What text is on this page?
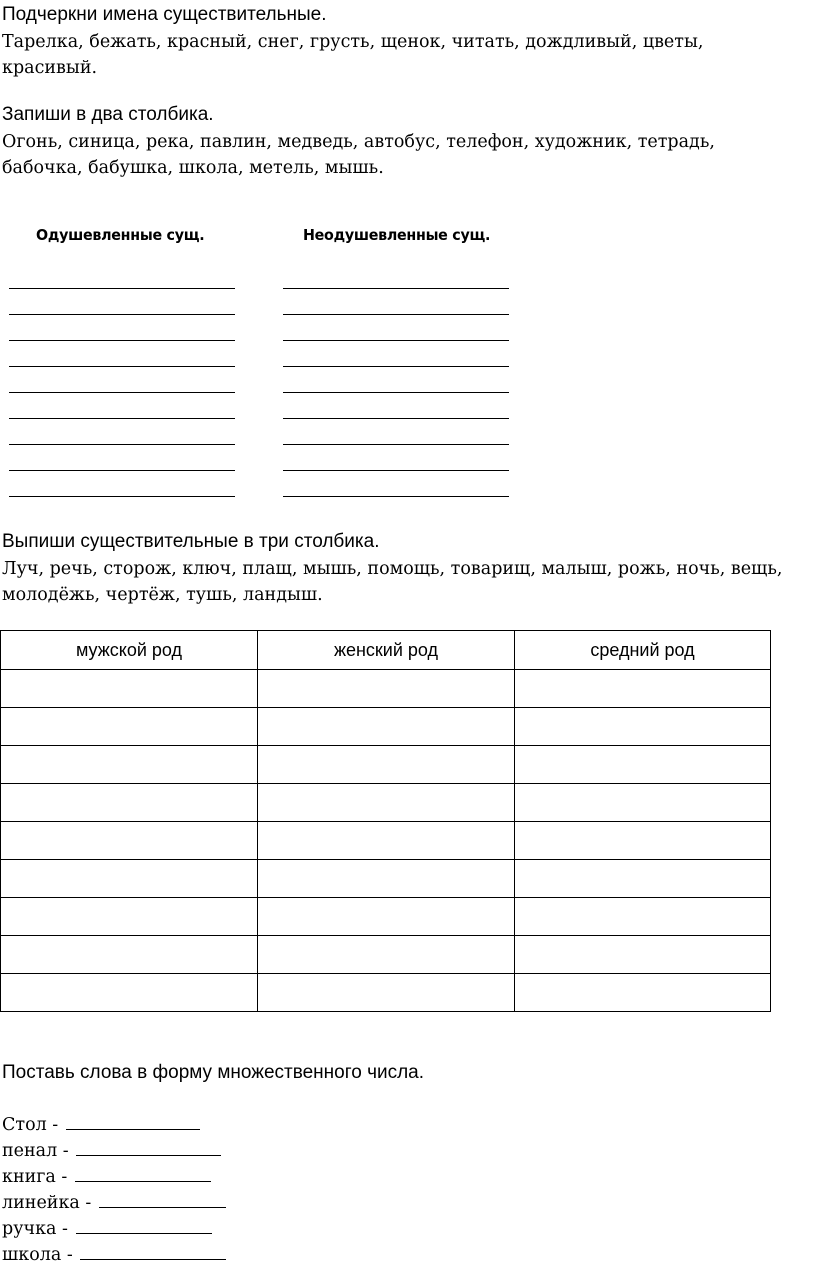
Подчеркни имена существительные.
Тарелка, бежать, красный, снег, грусть, щенок, читать, дождливый, цветы, красивый.
Запиши в два столбика.
Огонь, синица, река, павлин, медведь, автобус, телефон, художник, тетрадь, бабочка, бабушка, школа, метель, мышь.
Одушевленные сущ.	Неодушевленные сущ.
Выпиши существительные в три столбика.
Луч, речь, сторож, ключ, плащ, мышь, помощь, товарищ, малыш, рожь, ночь, вещь, молодёжь, чертёж, тушь, ландыш.
мужской род	женский род	средний род

Поставь слова в форму множественного числа.
Стол -
пенал -
книга -
линейка -
ручка -
школа -
